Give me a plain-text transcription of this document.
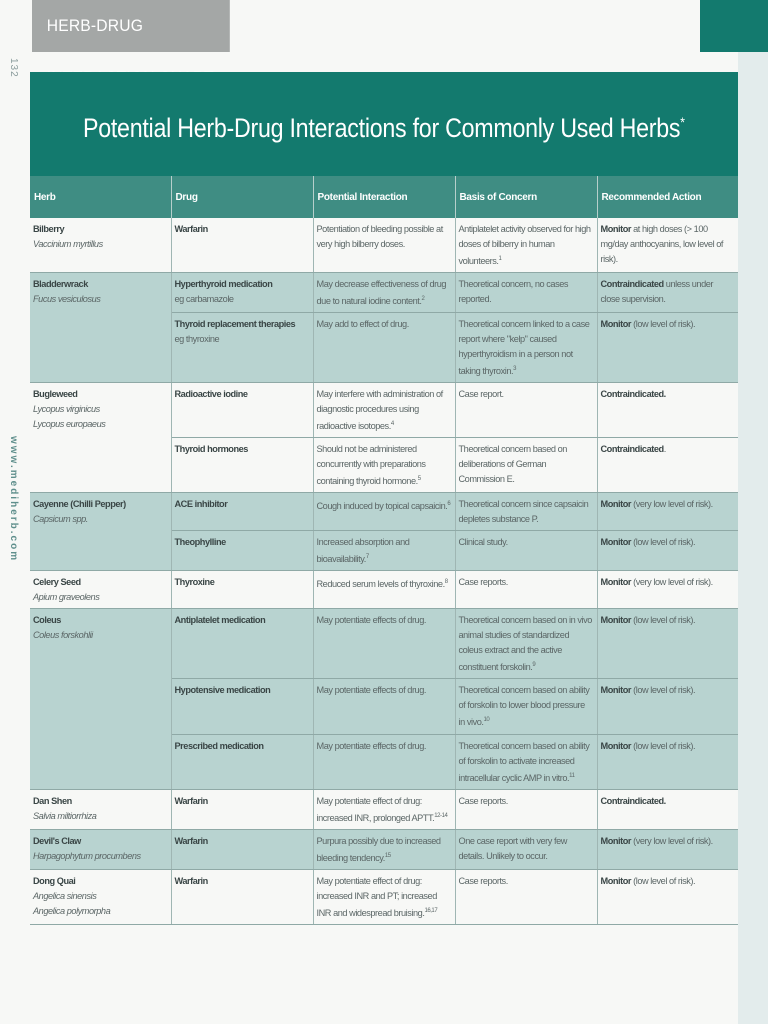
HERB-DRUG
132
www.mediherb.com
Potential Herb-Drug Interactions for Commonly Used Herbs*
Herb	Drug	Potential Interaction	Basis of Concern	Recommended Action

Bilberry
Vaccinium myrtillus	Warfarin	Potentiation of bleeding possible at very high bilberry doses.	Antiplatelet activity observed for high doses of bilberry in human volunteers.$^1$	Monitor at high doses (> 100 mg/day anthocyanins, low level of risk).

Bladderwrack
Fucus vesiculosus	Hyperthyroid medication
eg carbamazole	May decrease effectiveness of drug due to natural iodine content.$^2$	Theoretical concern, no cases reported.	Contraindicated unless under close supervision.

	Thyroid replacement therapies
eg thyroxine	May add to effect of drug.	Theoretical concern linked to a case report where "kelp" caused hyperthyroidism in a person not taking thyroxin.$^3$	Monitor (low level of risk).

Bugleweed
Lycopus virginicus
Lycopus europaeus	Radioactive iodine	May interfere with administration of diagnostic procedures using radioactive isotopes.$^4$	Case report.	Contraindicated.

	Thyroid hormones	Should not be administered concurrently with preparations containing thyroid hormone.$^5$	Theoretical concern based on deliberations of German Commission E.	Contraindicated.

Cayenne (Chilli Pepper)
Capsicum spp.	ACE inhibitor	Cough induced by topical capsaicin.$^6$	Theoretical concern since capsaicin depletes substance P.	Monitor (very low level of risk).

	Theophylline	Increased absorption and bioavailability.$^7$	Clinical study.	Monitor (low level of risk).

Celery Seed
Apium graveolens	Thyroxine	Reduced serum levels of thyroxine.$^8$	Case reports.	Monitor (very low level of risk).

Coleus
Coleus forskohlii	Antiplatelet medication	May potentiate effects of drug.	Theoretical concern based on in vivo animal studies of standardized coleus extract and the active constituent forskolin.$^9$	Monitor (low level of risk).

	Hypotensive medication	May potentiate effects of drug.	Theoretical concern based on ability of forskolin to lower blood pressure in vivo.$^{10}$	Monitor (low level of risk).

	Prescribed medication	May potentiate effects of drug.	Theoretical concern based on ability of forskolin to activate increased intracellular cyclic AMP in vitro.$^{11}$	Monitor (low level of risk).

Dan Shen
Salvia miltiorrhiza	Warfarin	May potentiate effect of drug: increased INR, prolonged APTT.$^{12-14}$	Case reports.	Contraindicated.

Devil's Claw
Harpagophytum procumbens	Warfarin	Purpura possibly due to increased bleeding tendency.$^{15}$	One case report with very few details. Unlikely to occur.	Monitor (very low level of risk).

Dong Quai
Angelica sinensis
Angelica polymorpha	Warfarin	May potentiate effect of drug: increased INR and PT; increased INR and widespread bruising.$^{16,17}$	Case reports.	Monitor (low level of risk).
